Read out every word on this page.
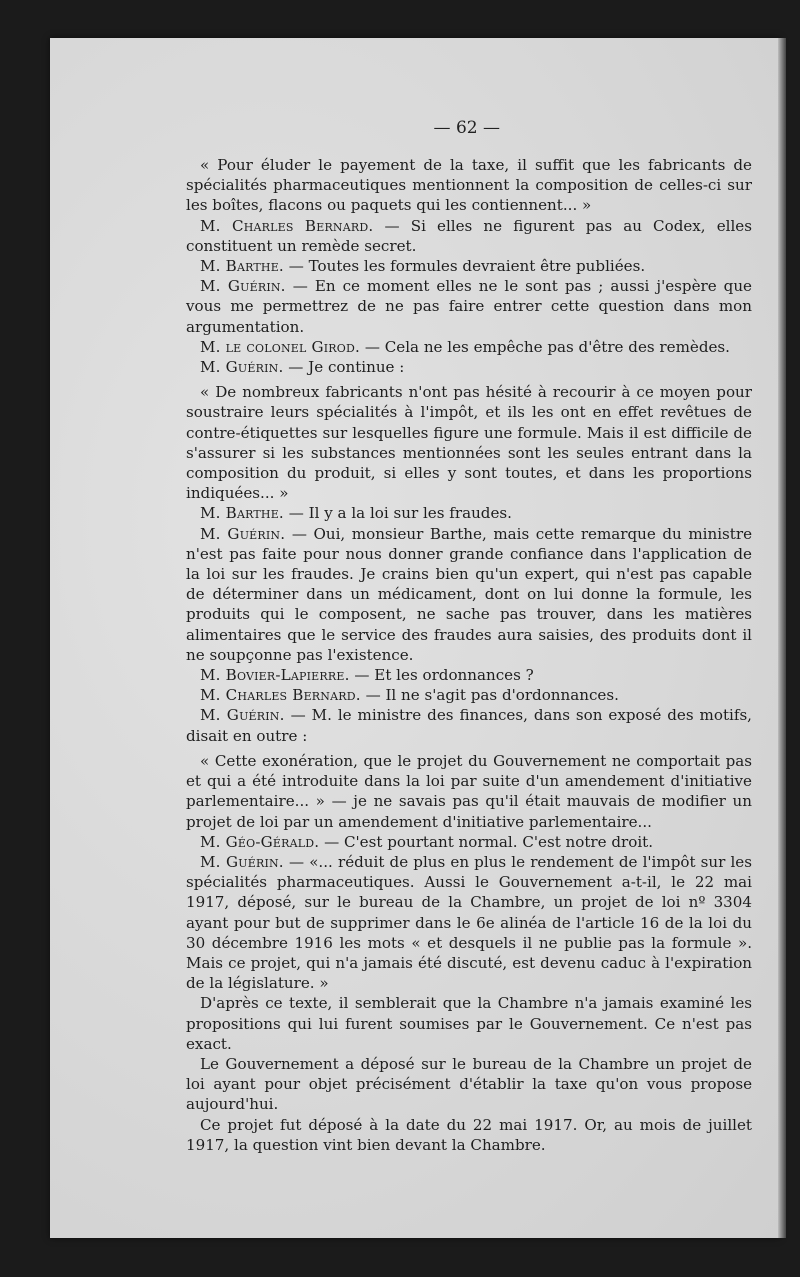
— 62 —

« Pour éluder le payement de la taxe, il suffit que les fabricants de spécialités pharmaceutiques mentionnent la composition de celles-ci sur les boîtes, flacons ou paquets qui les contiennent... »

M. Charles Bernard. — Si elles ne figurent pas au Codex, elles constituent un remède secret.

M. Barthe. — Toutes les formules devraient être publiées.

M. Guérin. — En ce moment elles ne le sont pas ; aussi j'espère que vous me permettrez de ne pas faire entrer cette question dans mon argumentation.

M. le colonel Girod. — Cela ne les empêche pas d'être des remèdes.

M. Guérin. — Je continue :

« De nombreux fabricants n'ont pas hésité à recourir à ce moyen pour soustraire leurs spécialités à l'impôt, et ils les ont en effet revêtues de contre-étiquettes sur lesquelles figure une formule. Mais il est difficile de s'assurer si les substances mentionnées sont les seules entrant dans la composition du produit, si elles y sont toutes, et dans les proportions indiquées... »

M. Barthe. — Il y a la loi sur les fraudes.

M. Guérin. — Oui, monsieur Barthe, mais cette remarque du ministre n'est pas faite pour nous donner grande confiance dans l'application de la loi sur les fraudes. Je crains bien qu'un expert, qui n'est pas capable de déterminer dans un médicament, dont on lui donne la formule, les produits qui le composent, ne sache pas trouver, dans les matières alimentaires que le service des fraudes aura saisies, des produits dont il ne soupçonne pas l'existence.

M. Bovier-Lapierre. — Et les ordonnances ?

M. Charles Bernard. — Il ne s'agit pas d'ordonnances.

M. Guérin. — M. le ministre des finances, dans son exposé des motifs, disait en outre :

« Cette exonération, que le projet du Gouvernement ne comportait pas et qui a été introduite dans la loi par suite d'un amendement d'initiative parlementaire... » — je ne savais pas qu'il était mauvais de modifier un projet de loi par un amendement d'initiative parlementaire...

M. Géo-Gérald. — C'est pourtant normal. C'est notre droit.

M. Guérin. — «... réduit de plus en plus le rendement de l'impôt sur les spécialités pharmaceutiques. Aussi le Gouvernement a-t-il, le 22 mai 1917, déposé, sur le bureau de la Chambre, un projet de loi nº 3304 ayant pour but de supprimer dans le 6e alinéa de l'article 16 de la loi du 30 décembre 1916 les mots « et desquels il ne publie pas la formule ». Mais ce projet, qui n'a jamais été discuté, est devenu caduc à l'expiration de la législature. »

D'après ce texte, il semblerait que la Chambre n'a jamais examiné les propositions qui lui furent soumises par le Gouvernement. Ce n'est pas exact.

Le Gouvernement a déposé sur le bureau de la Chambre un projet de loi ayant pour objet précisément d'établir la taxe qu'on vous propose aujourd'hui.

Ce projet fut déposé à la date du 22 mai 1917. Or, au mois de juillet 1917, la question vint bien devant la Chambre.
